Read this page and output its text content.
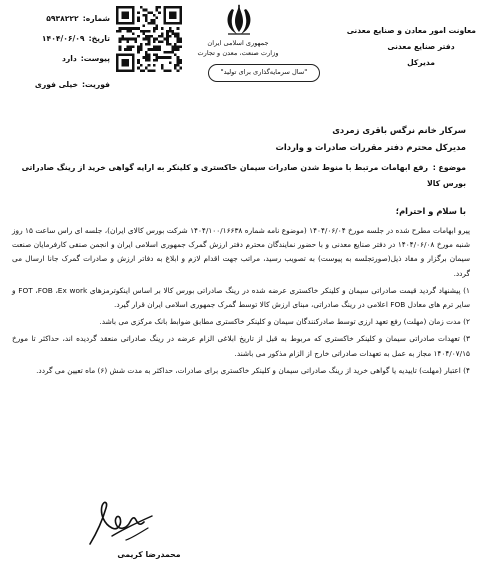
معاونت امور معادن و صنایع معدنی

دفتر صنایع معدنی

مدیرکل

جمهوری اسلامی ایران

وزارت صنعت، معدن و تجارت

"سال سرمایه‌گذاری برای تولید"
شماره:
۵۹۳۸۲۲۲
تاریخ:
۱۴۰۴/۰۶/۰۹
پیوست:
دارد
فوریت:
خیلی فوری

سرکار خانم نرگس باقری زمردی

مدیرکل محترم دفتر مقررات صادرات و واردات

موضوع : رفع ابهامات مرتبط با منوط شدن صادرات سیمان خاکستری و کلینکر به ارایه گواهی خرید از رینگ صادراتی بورس کالا
با سلام و احترام؛

پیرو ابهامات مطرح شده در جلسه مورخ ۱۴۰۴/۰۶/۰۴ (موضوع نامه شماره ۱۴۰۴/۱۰۰/۱۶۶۳۸ شرکت بورس کالای ایران)، جلسه ای راس ساعت ۱۵ روز شنبه مورخ ۱۴۰۴/۰۶/۰۸ در دفتر صنایع معدنی و با حضور نمایندگان محترم دفتر ارزش گمرک جمهوری اسلامی ایران و انجمن صنفی کارفرمایان صنعت سیمان برگزار و مفاد ذیل(صورتجلسه به پیوست) به تصویب رسید، مراتب جهت اقدام لازم و ابلاغ به دفاتر ارزش و صادرات گمرک جانا ارسال می گردد.

۱) پیشنهاد گردید قیمت صادراتی سیمان و کلینکر خاکستری عرضه شده در رینگ صادراتی بورس کالا بر اساس اینکوترمزهای FOT ،FOB ،Ex work و سایر ترم های معادل FOB اعلامی در رینگ صادراتی، مبنای ارزش کالا توسط گمرک جمهوری اسلامی ایران قرار گیرد.

۲) مدت زمان (مهلت) رفع تعهد ارزی توسط صادرکنندگان سیمان و کلینکر خاکستری مطابق ضوابط بانک مرکزی می باشد.

۳) تعهدات صادراتی سیمان و کلینکر خاکستری که مربوط به قبل از تاریخ ابلاغی الزام عرضه در رینگ صادراتی منعقد گردیده اند، حداکثر تا مورخ ۱۴۰۴/۰۷/۱۵ مجاز به عمل به تعهدات صادراتی خارج از الزام مذکور می باشند.

۴) اعتبار (مهلت) تاییدیه یا گواهی خرید از رینگ صادراتی سیمان و کلینکر خاکستری برای صادرات، حداکثر به مدت شش (۶) ماه تعیین می گردد.

محمدرضا کریمی
